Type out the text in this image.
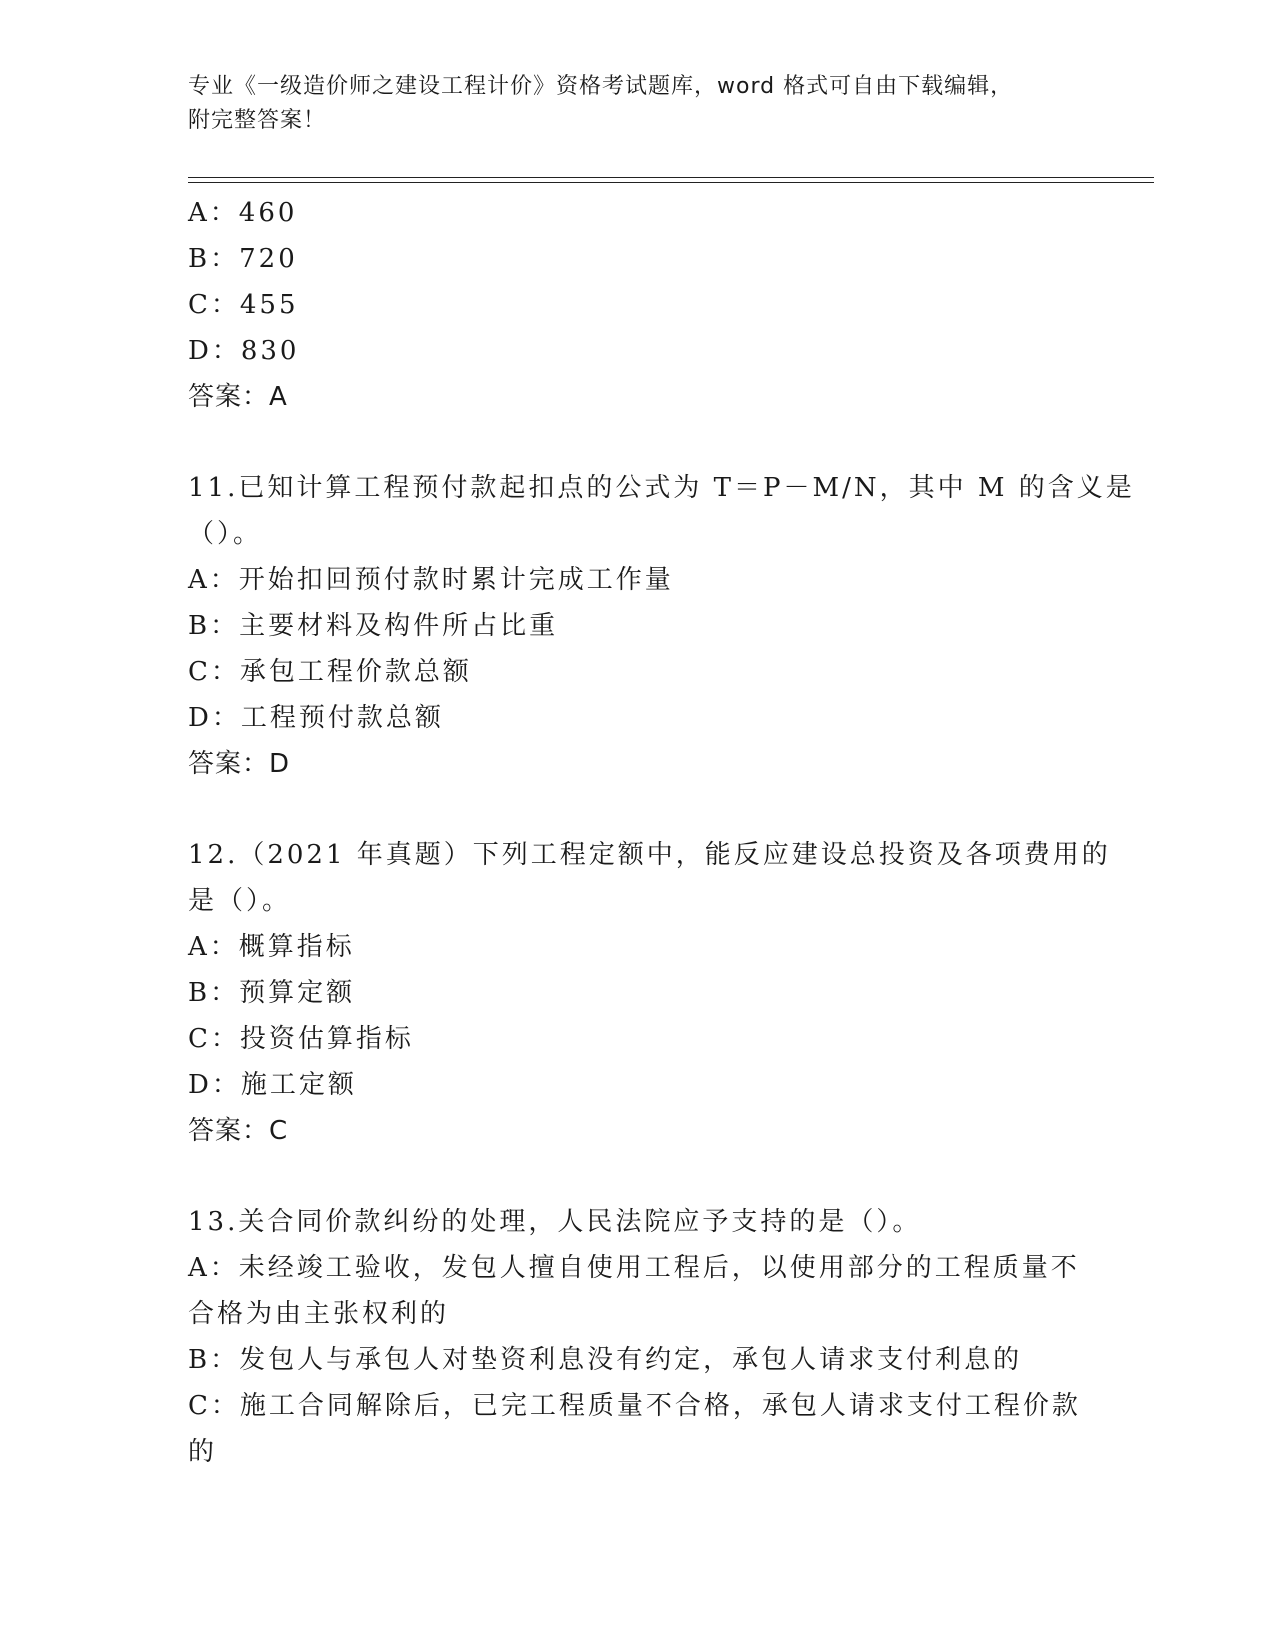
专业《一级造价师之建设工程计价》资格考试题库，word 格式可自由下载编辑，
附完整答案！
A：460
B：720
C：455
D：830
答案：A
11.已知计算工程预付款起扣点的公式为 T＝P－M/N，其中 M 的含义是
（）。
A：开始扣回预付款时累计完成工作量
B：主要材料及构件所占比重
C：承包工程价款总额
D：工程预付款总额
答案：D
12.（2021 年真题）下列工程定额中，能反应建设总投资及各项费用的
是（）。
A：概算指标
B：预算定额
C：投资估算指标
D：施工定额
答案：C
13.关合同价款纠纷的处理，人民法院应予支持的是（）。
A：未经竣工验收，发包人擅自使用工程后，以使用部分的工程质量不
合格为由主张权利的
B：发包人与承包人对垫资利息没有约定，承包人请求支付利息的
C：施工合同解除后，已完工程质量不合格，承包人请求支付工程价款
的
